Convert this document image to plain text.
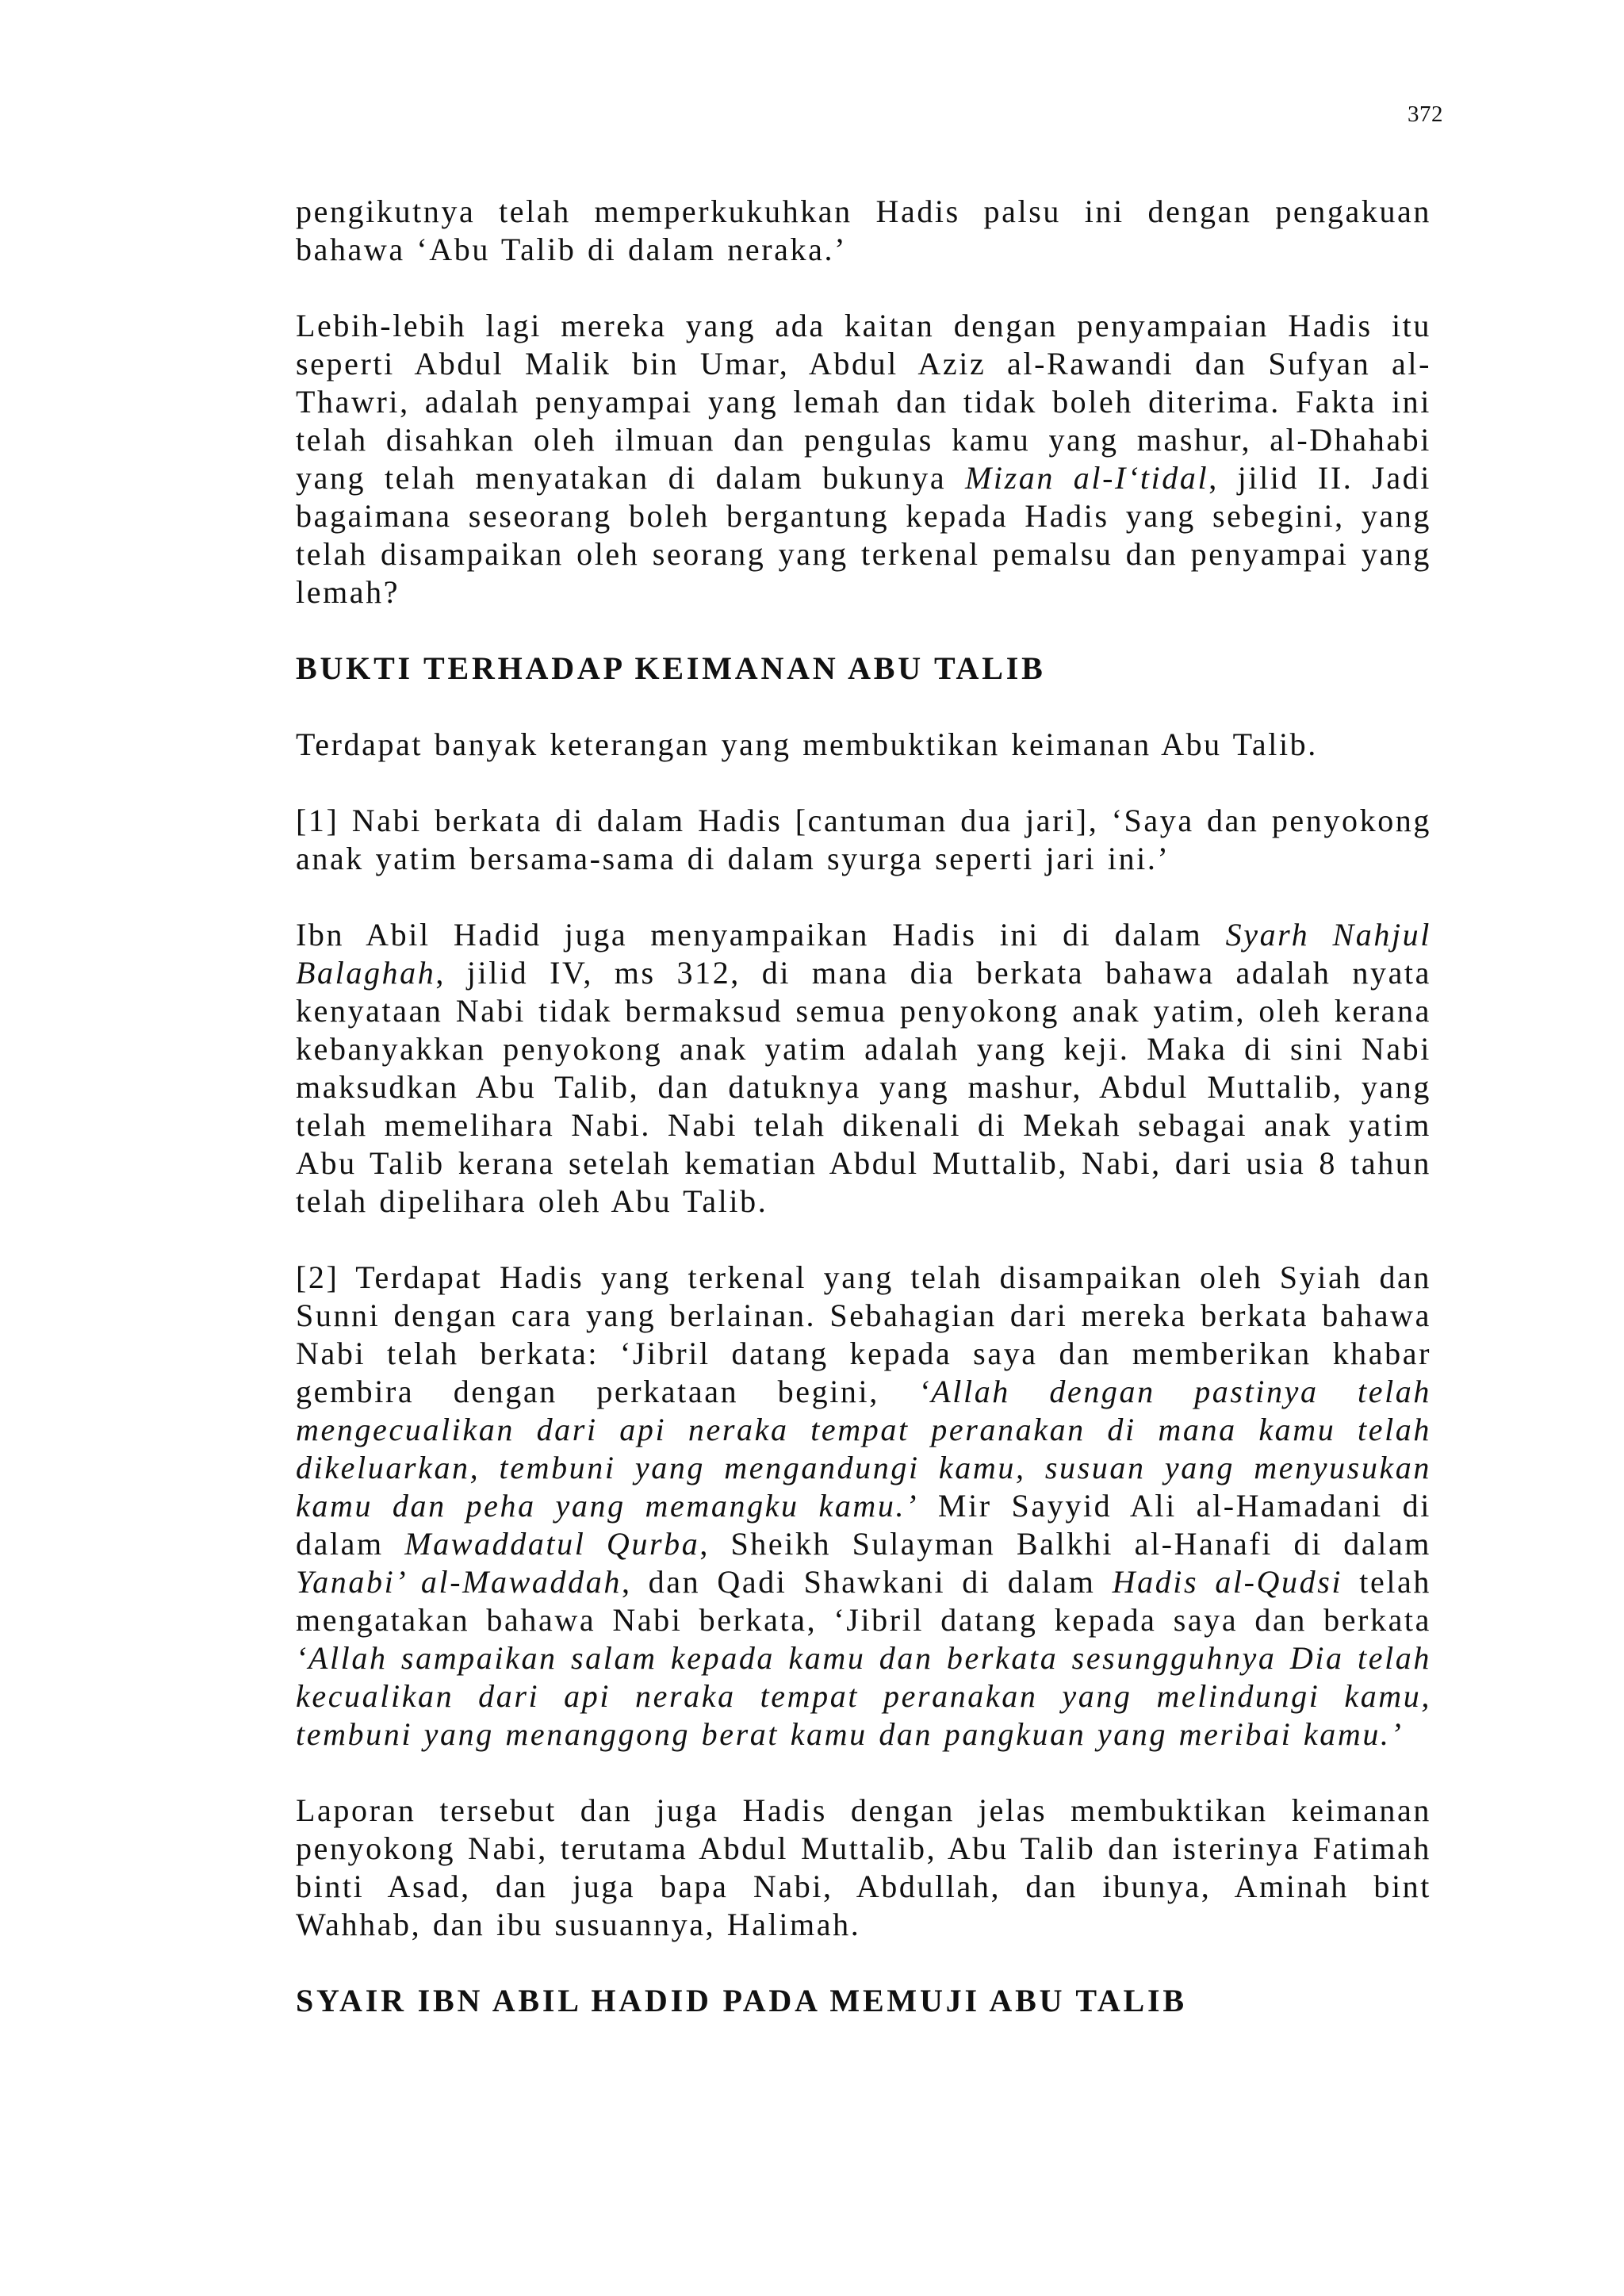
372

pengikutnya telah memperkukuhkan Hadis palsu ini dengan pengakuan bahawa ‘Abu Talib di dalam neraka.’

Lebih-lebih lagi mereka yang ada kaitan dengan penyampaian Hadis itu seperti Abdul Malik bin Umar, Abdul Aziz al-Rawandi dan Sufyan al-Thawri, adalah penyampai yang lemah dan tidak boleh diterima. Fakta ini telah disahkan oleh ilmuan dan pengulas kamu yang mashur, al-Dhahabi yang telah menyatakan di dalam bukunya Mizan al-I‘tidal, jilid II. Jadi bagaimana seseorang boleh bergantung kepada Hadis yang sebegini, yang telah disampaikan oleh seorang yang terkenal pemalsu dan penyampai yang lemah?

BUKTI TERHADAP KEIMANAN ABU TALIB

Terdapat banyak keterangan yang membuktikan keimanan Abu Talib.

[1] Nabi berkata di dalam Hadis [cantuman dua jari], ‘Saya dan penyokong anak yatim bersama-sama di dalam syurga seperti jari ini.’

Ibn Abil Hadid juga menyampaikan Hadis ini di dalam Syarh Nahjul Balaghah, jilid IV, ms 312, di mana dia berkata bahawa adalah nyata kenyataan Nabi tidak bermaksud semua penyokong anak yatim, oleh kerana kebanyakkan penyokong anak yatim adalah yang keji. Maka di sini Nabi maksudkan Abu Talib, dan datuknya yang mashur, Abdul Muttalib, yang telah memelihara Nabi. Nabi telah dikenali di Mekah sebagai anak yatim Abu Talib kerana setelah kematian Abdul Muttalib, Nabi, dari usia 8 tahun telah dipelihara oleh Abu Talib.

[2] Terdapat Hadis yang terkenal yang telah disampaikan oleh Syiah dan Sunni dengan cara yang berlainan. Sebahagian dari mereka berkata bahawa Nabi telah berkata: ‘Jibril datang kepada saya dan memberikan khabar gembira dengan perkataan begini, ‘Allah dengan pastinya telah mengecualikan dari api neraka tempat peranakan di mana kamu telah dikeluarkan, tembuni yang mengandungi kamu, susuan yang menyusukan kamu dan peha yang memangku kamu.’ Mir Sayyid Ali al-Hamadani di dalam Mawaddatul Qurba, Sheikh Sulayman Balkhi al-Hanafi di dalam Yanabi’ al-Mawaddah, dan Qadi Shawkani di dalam Hadis al-Qudsi telah mengatakan bahawa Nabi berkata, ‘Jibril datang kepada saya dan berkata ‘Allah sampaikan salam kepada kamu dan berkata sesungguhnya Dia telah kecualikan dari api neraka tempat peranakan yang melindungi kamu, tembuni yang menanggong berat kamu dan pangkuan yang meribai kamu.’

Laporan tersebut dan juga Hadis dengan jelas membuktikan keimanan penyokong Nabi, terutama Abdul Muttalib, Abu Talib dan isterinya Fatimah binti Asad, dan juga bapa Nabi, Abdullah, dan ibunya, Aminah bint Wahhab, dan ibu susuannya, Halimah.

SYAIR IBN ABIL HADID PADA MEMUJI ABU TALIB
